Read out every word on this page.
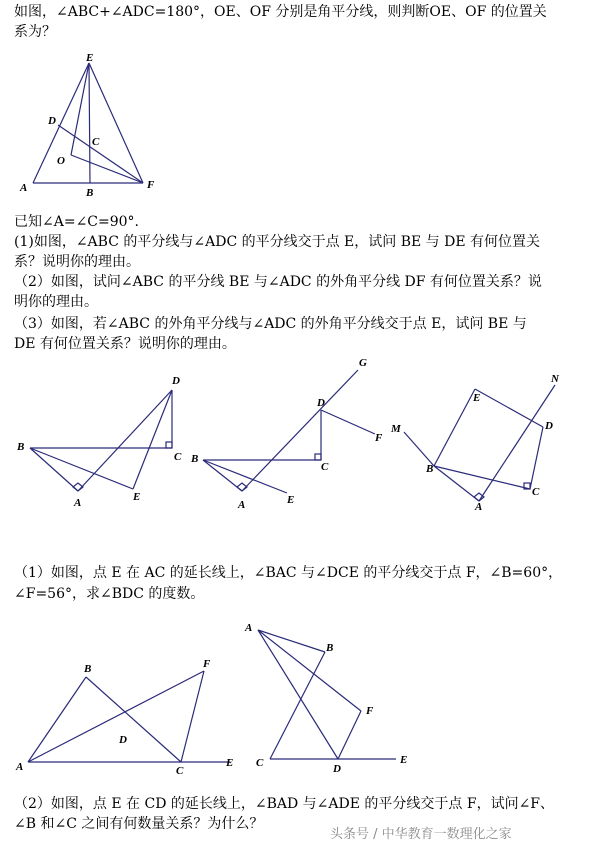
如图，∠ABC+∠ADC=180°，OE、OF 分别是角平分线，则判断OE、OF 的位置关
系为？
E
D
C
O
A	B
F
B
D
C
A	E
B
G
D
F
C
A	E
M
E
N
D
B
C
A
B	F
D
A	C
E
A
B
F
C	D
E
已知∠A=∠C=90°.
(1)如图，∠ABC 的平分线与∠ADC 的平分线交于点 E，试问 BE 与 DE 有何位置关
系？说明你的理由。
（2）如图，试问∠ABC 的平分线 BE 与∠ADC 的外角平分线 DF 有何位置关系？说
明你的理由。
（3）如图，若∠ABC 的外角平分线与∠ADC 的外角平分线交于点 E，试问 BE 与
DE 有何位置关系？说明你的理由。
（1）如图，点 E 在 AC 的延长线上，∠BAC 与∠DCE 的平分线交于点 F，∠B=60°，
∠F=56°，求∠BDC 的度数。
（2）如图，点 E 在 CD 的延长线上，∠BAD 与∠ADE 的平分线交于点 F，试问∠F、
∠B 和∠C 之间有何数量关系？为什么？
头条号 / 中华教育一数理化之家
